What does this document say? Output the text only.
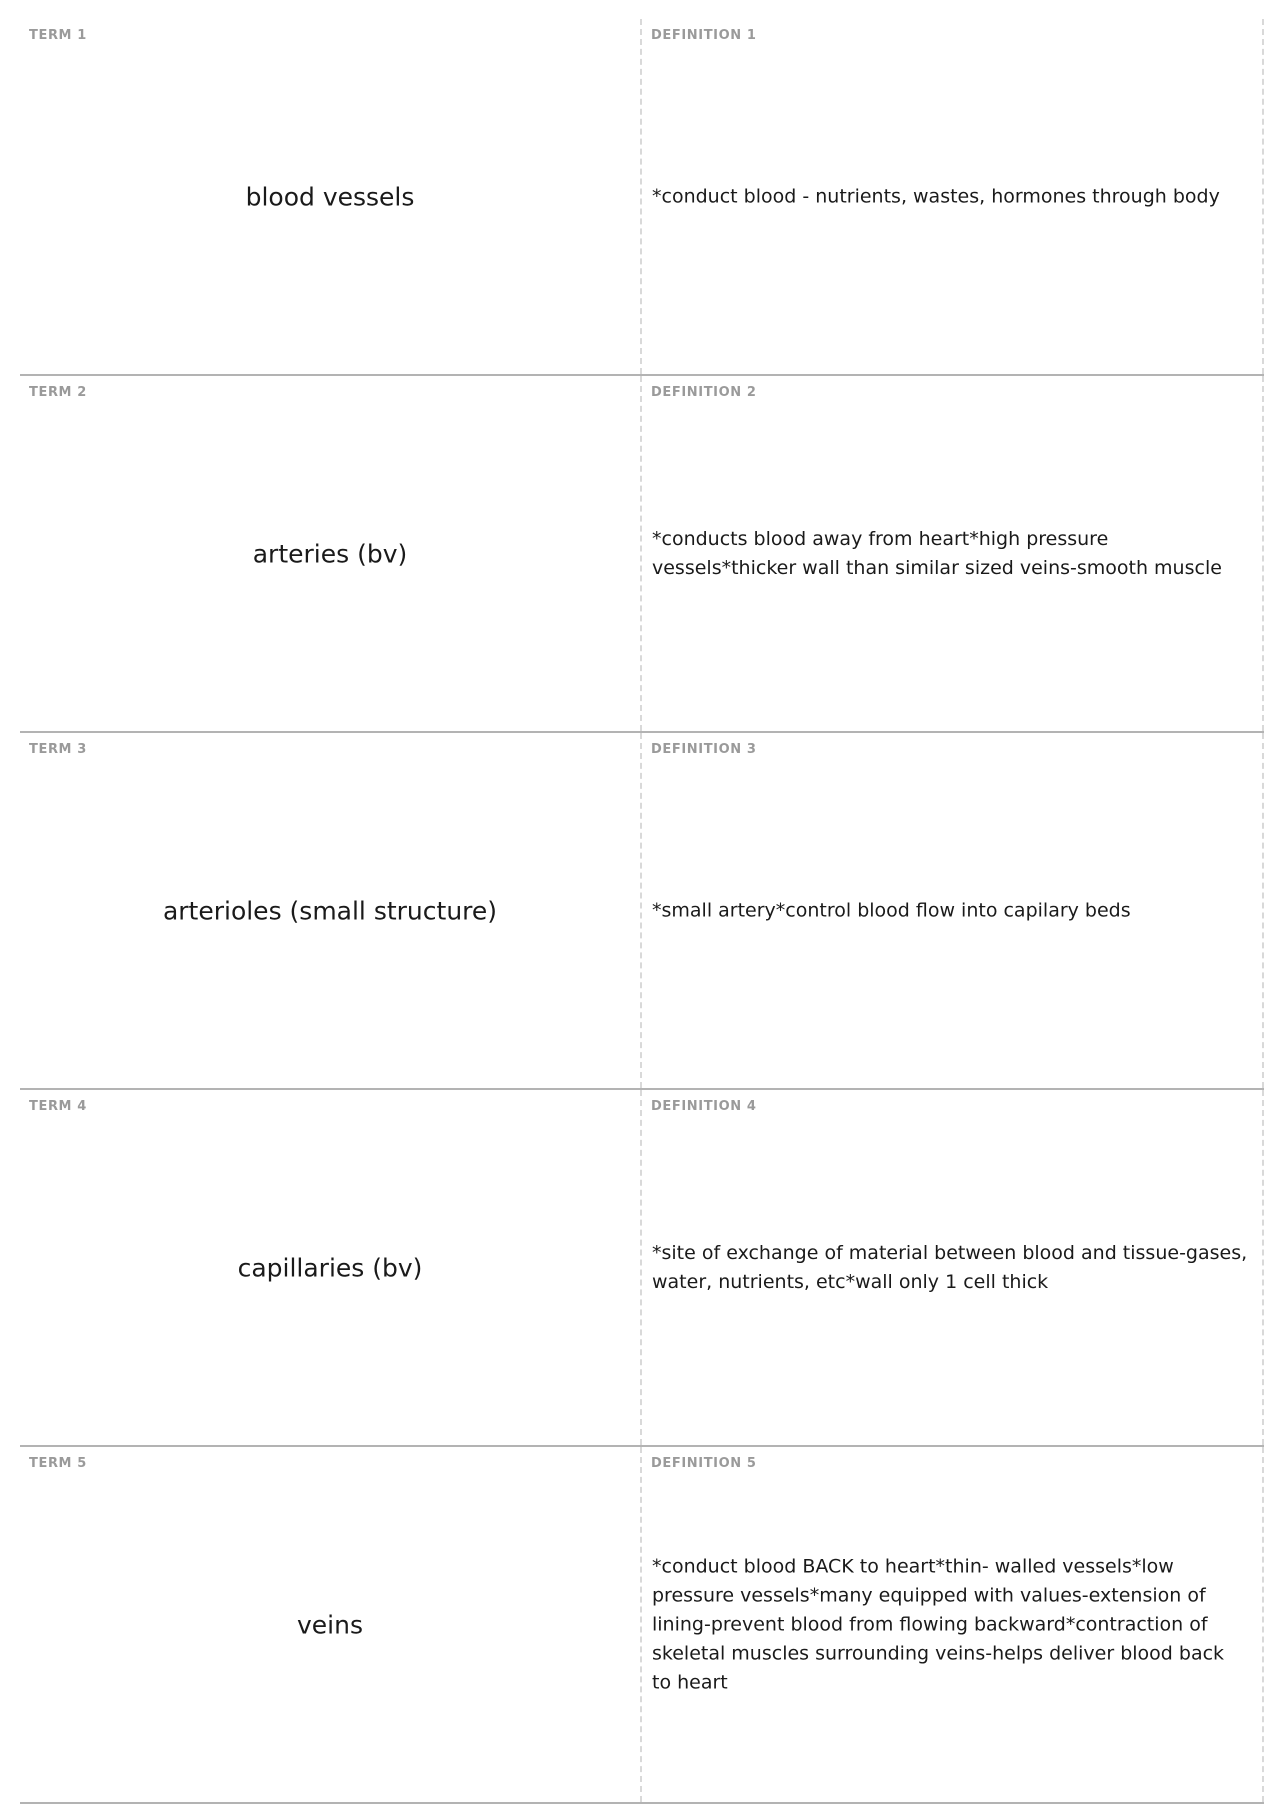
TERM 1
blood vessels
DEFINITION 1
*conduct blood - nutrients, wastes, hormones through body
TERM 2
arteries (bv)
DEFINITION 2
*conducts blood away from heart*high pressure vessels*thicker wall than similar sized veins-smooth muscle
TERM 3
arterioles (small structure)
DEFINITION 3
*small artery*control blood flow into capilary beds
TERM 4
capillaries (bv)
DEFINITION 4
*site of exchange of material between blood and tissue-gases, water, nutrients, etc*wall only 1 cell thick
TERM 5
veins
DEFINITION 5
*conduct blood BACK to heart*thin- walled vessels*low pressure vessels*many equipped with values-extension of lining-prevent blood from flowing backward*contraction of skeletal muscles surrounding veins-helps deliver blood back to heart
